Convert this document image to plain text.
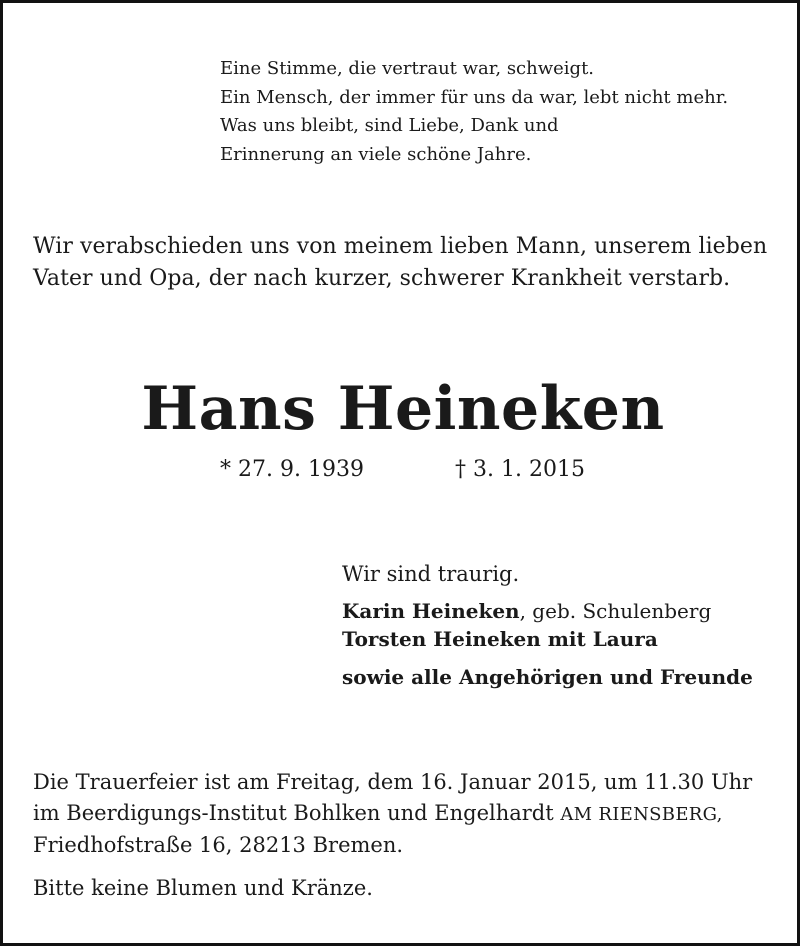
Eine Stimme, die vertraut war, schweigt.
Ein Mensch, der immer für uns da war, lebt nicht mehr.
Was uns bleibt, sind Liebe, Dank und
Erinnerung an viele schöne Jahre.
Wir verabschieden uns von meinem lieben Mann, unserem lieben
Vater und Opa, der nach kurzer, schwerer Krankheit verstarb.
Hans Heineken
* 27. 9. 1939	† 3. 1. 2015
Wir sind traurig.
Karin Heineken, geb. Schulenberg
Torsten Heineken mit Laura
sowie alle Angehörigen und Freunde
Die Trauerfeier ist am Freitag, dem 16. Januar 2015, um 11.30 Uhr
im Beerdigungs-Institut Bohlken und Engelhardt AM RIENSBERG,
Friedhofstraße 16, 28213 Bremen.
Bitte keine Blumen und Kränze.
